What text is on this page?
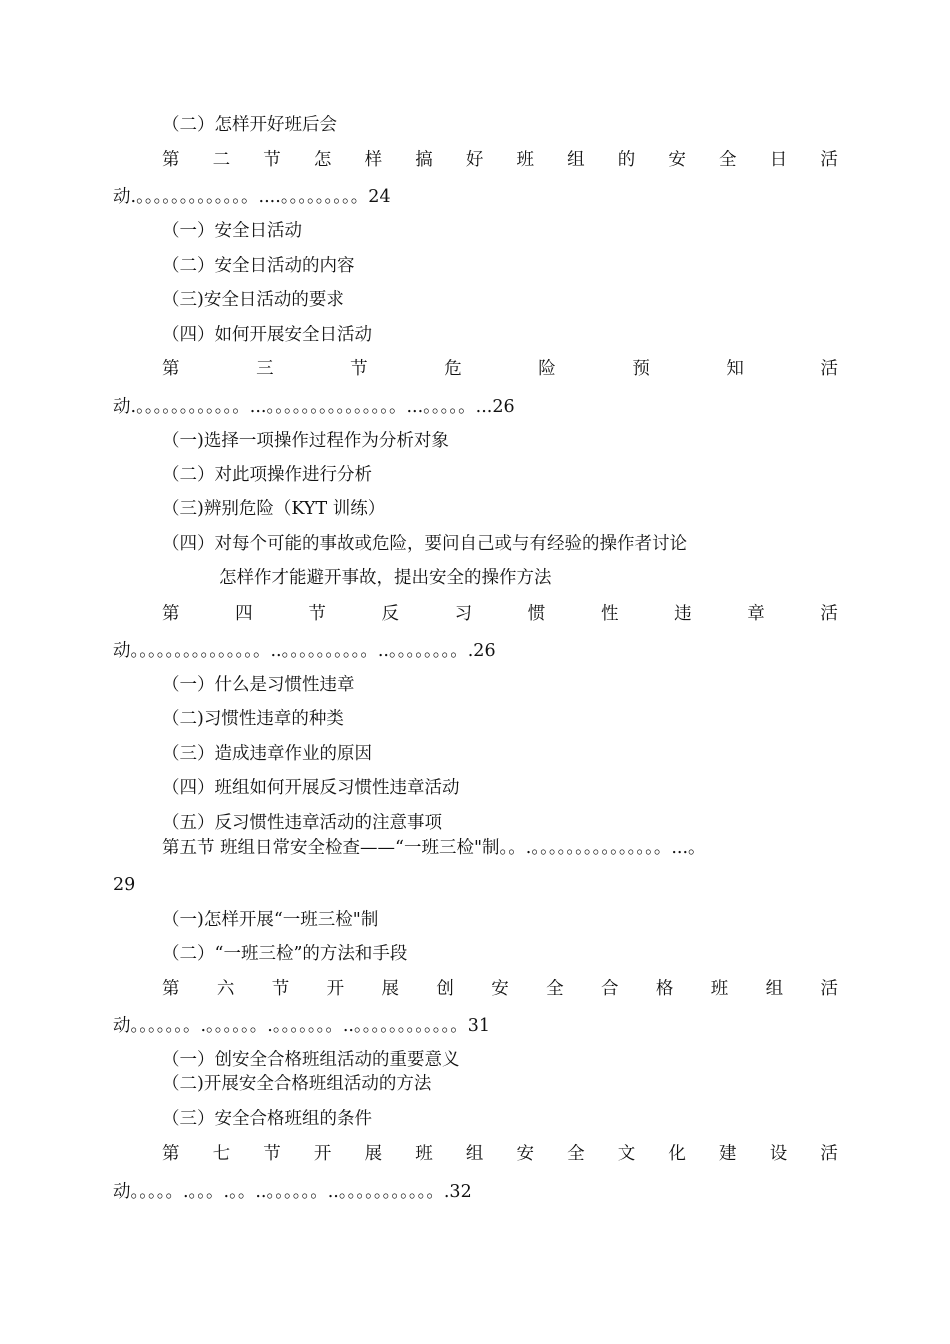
（二）怎样开好班后会
第 二 节 怎 样 搞 好 班 组 的 安 全 日 活
动.。。。。。。。。。。。。。....。。。。。。。。。24
（一）安全日活动
（二）安全日活动的内容
（三)安全日活动的要求
（四）如何开展安全日活动
第	三	节	危	险	预	知	活
动.。。。。。。。。。。。。...。。。。。。。。。。。。。。。...。。。。。...26
（一)选择一项操作过程作为分析对象
（二）对此项操作进行分析
（三)辨别危险（KYT 训练）
（四）对每个可能的事故或危险，要问自己或与有经验的操作者讨论
怎样作才能避开事故，提出安全的操作方法
第	四	节	反	习	惯	性	违	章	活
动。。。。。。。。。。。。。。。..。。。。。。。。。。..。。。。。。。。.26
（一）什么是习惯性违章
（二)习惯性违章的种类
（三）造成违章作业的原因
（四）班组如何开展反习惯性违章活动
（五）反习惯性违章活动的注意事项
第五节 班组日常安全检查——“一班三检"制。。.。。。。。。。。。。。。。。。...。
29
（一)怎样开展“一班三检"制
（二）“一班三检”的方法和手段
第 六 节 开 展 创 安 全 合 格 班 组 活
动。。。。。。。.。。。。。。.。。。。。。。..。。。。。。。。。。。。31
（一）创安全合格班组活动的重要意义
（二)开展安全合格班组活动的方法
（三）安全合格班组的条件
第 七 节 开 展 班 组 安 全 文 化 建 设 活
动。。。。。.。。。.。。..。。。。。。..。。。。。。。。。。。.32
